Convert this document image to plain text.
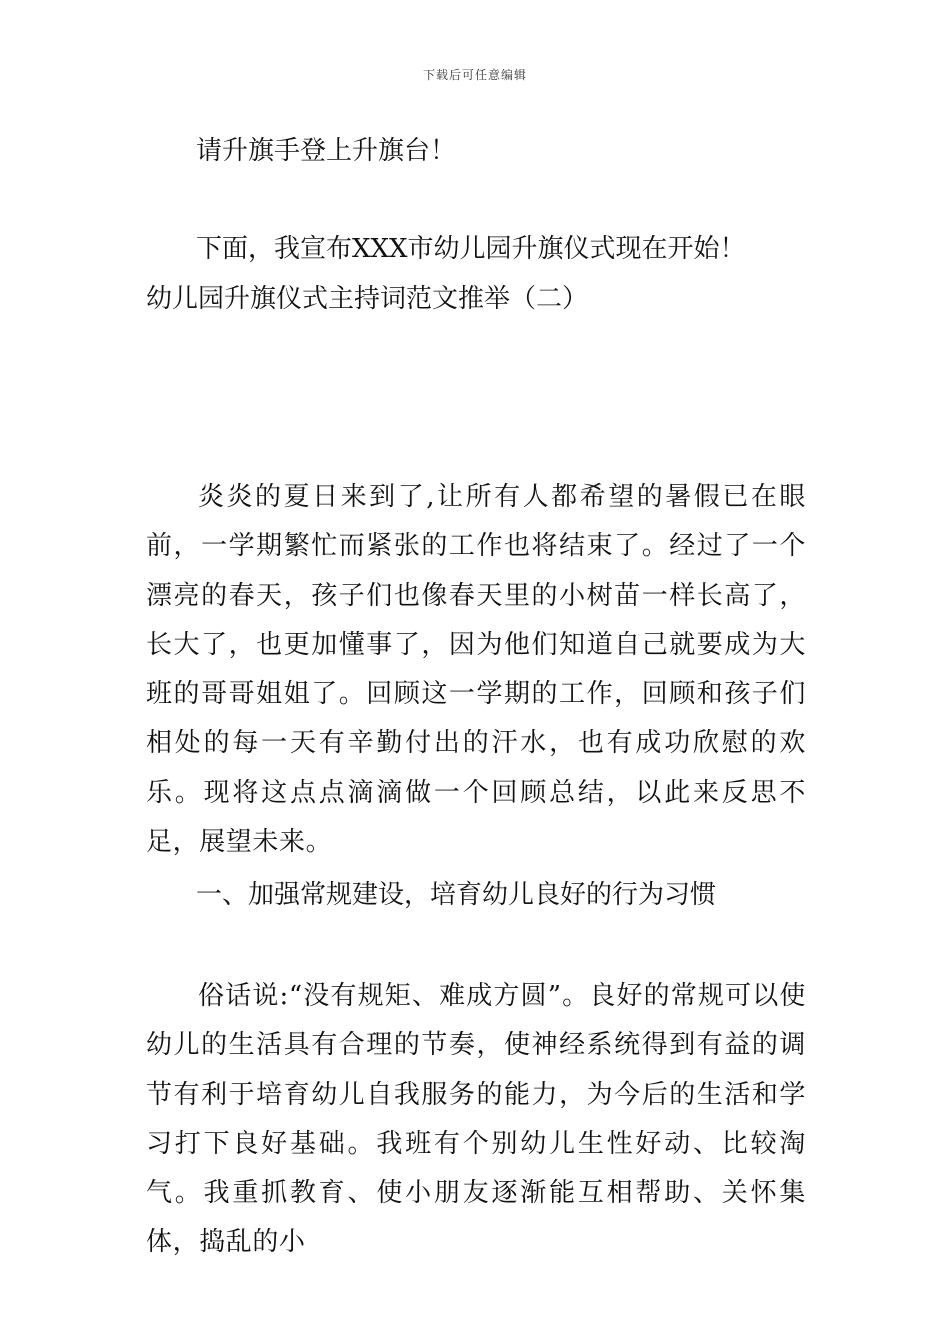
下载后可任意编辑
请升旗手登上升旗台！
下面，我宣布XXX市幼儿园升旗仪式现在开始！
幼儿园升旗仪式主持词范文推举（二）
炎炎的夏日来到了,让所有人都希望的暑假已在眼前，一学期繁忙而紧张的工作也将结束了。经过了一个漂亮的春天，孩子们也像春天里的小树苗一样长高了，长大了，也更加懂事了，因为他们知道自己就要成为大班的哥哥姐姐了。回顾这一学期的工作，回顾和孩子们相处的每一天有辛勤付出的汗水，也有成功欣慰的欢乐。现将这点点滴滴做一个回顾总结，以此来反思不足，展望未来。
一、加强常规建设，培育幼儿良好的行为习惯
俗话说:“没有规矩、难成方圆”。良好的常规可以使幼儿的生活具有合理的节奏，使神经系统得到有益的调节有利于培育幼儿自我服务的能力，为今后的生活和学习打下良好基础。我班有个别幼儿生性好动、比较淘气。我重抓教育、使小朋友逐渐能互相帮助、关怀集体，捣乱的小
